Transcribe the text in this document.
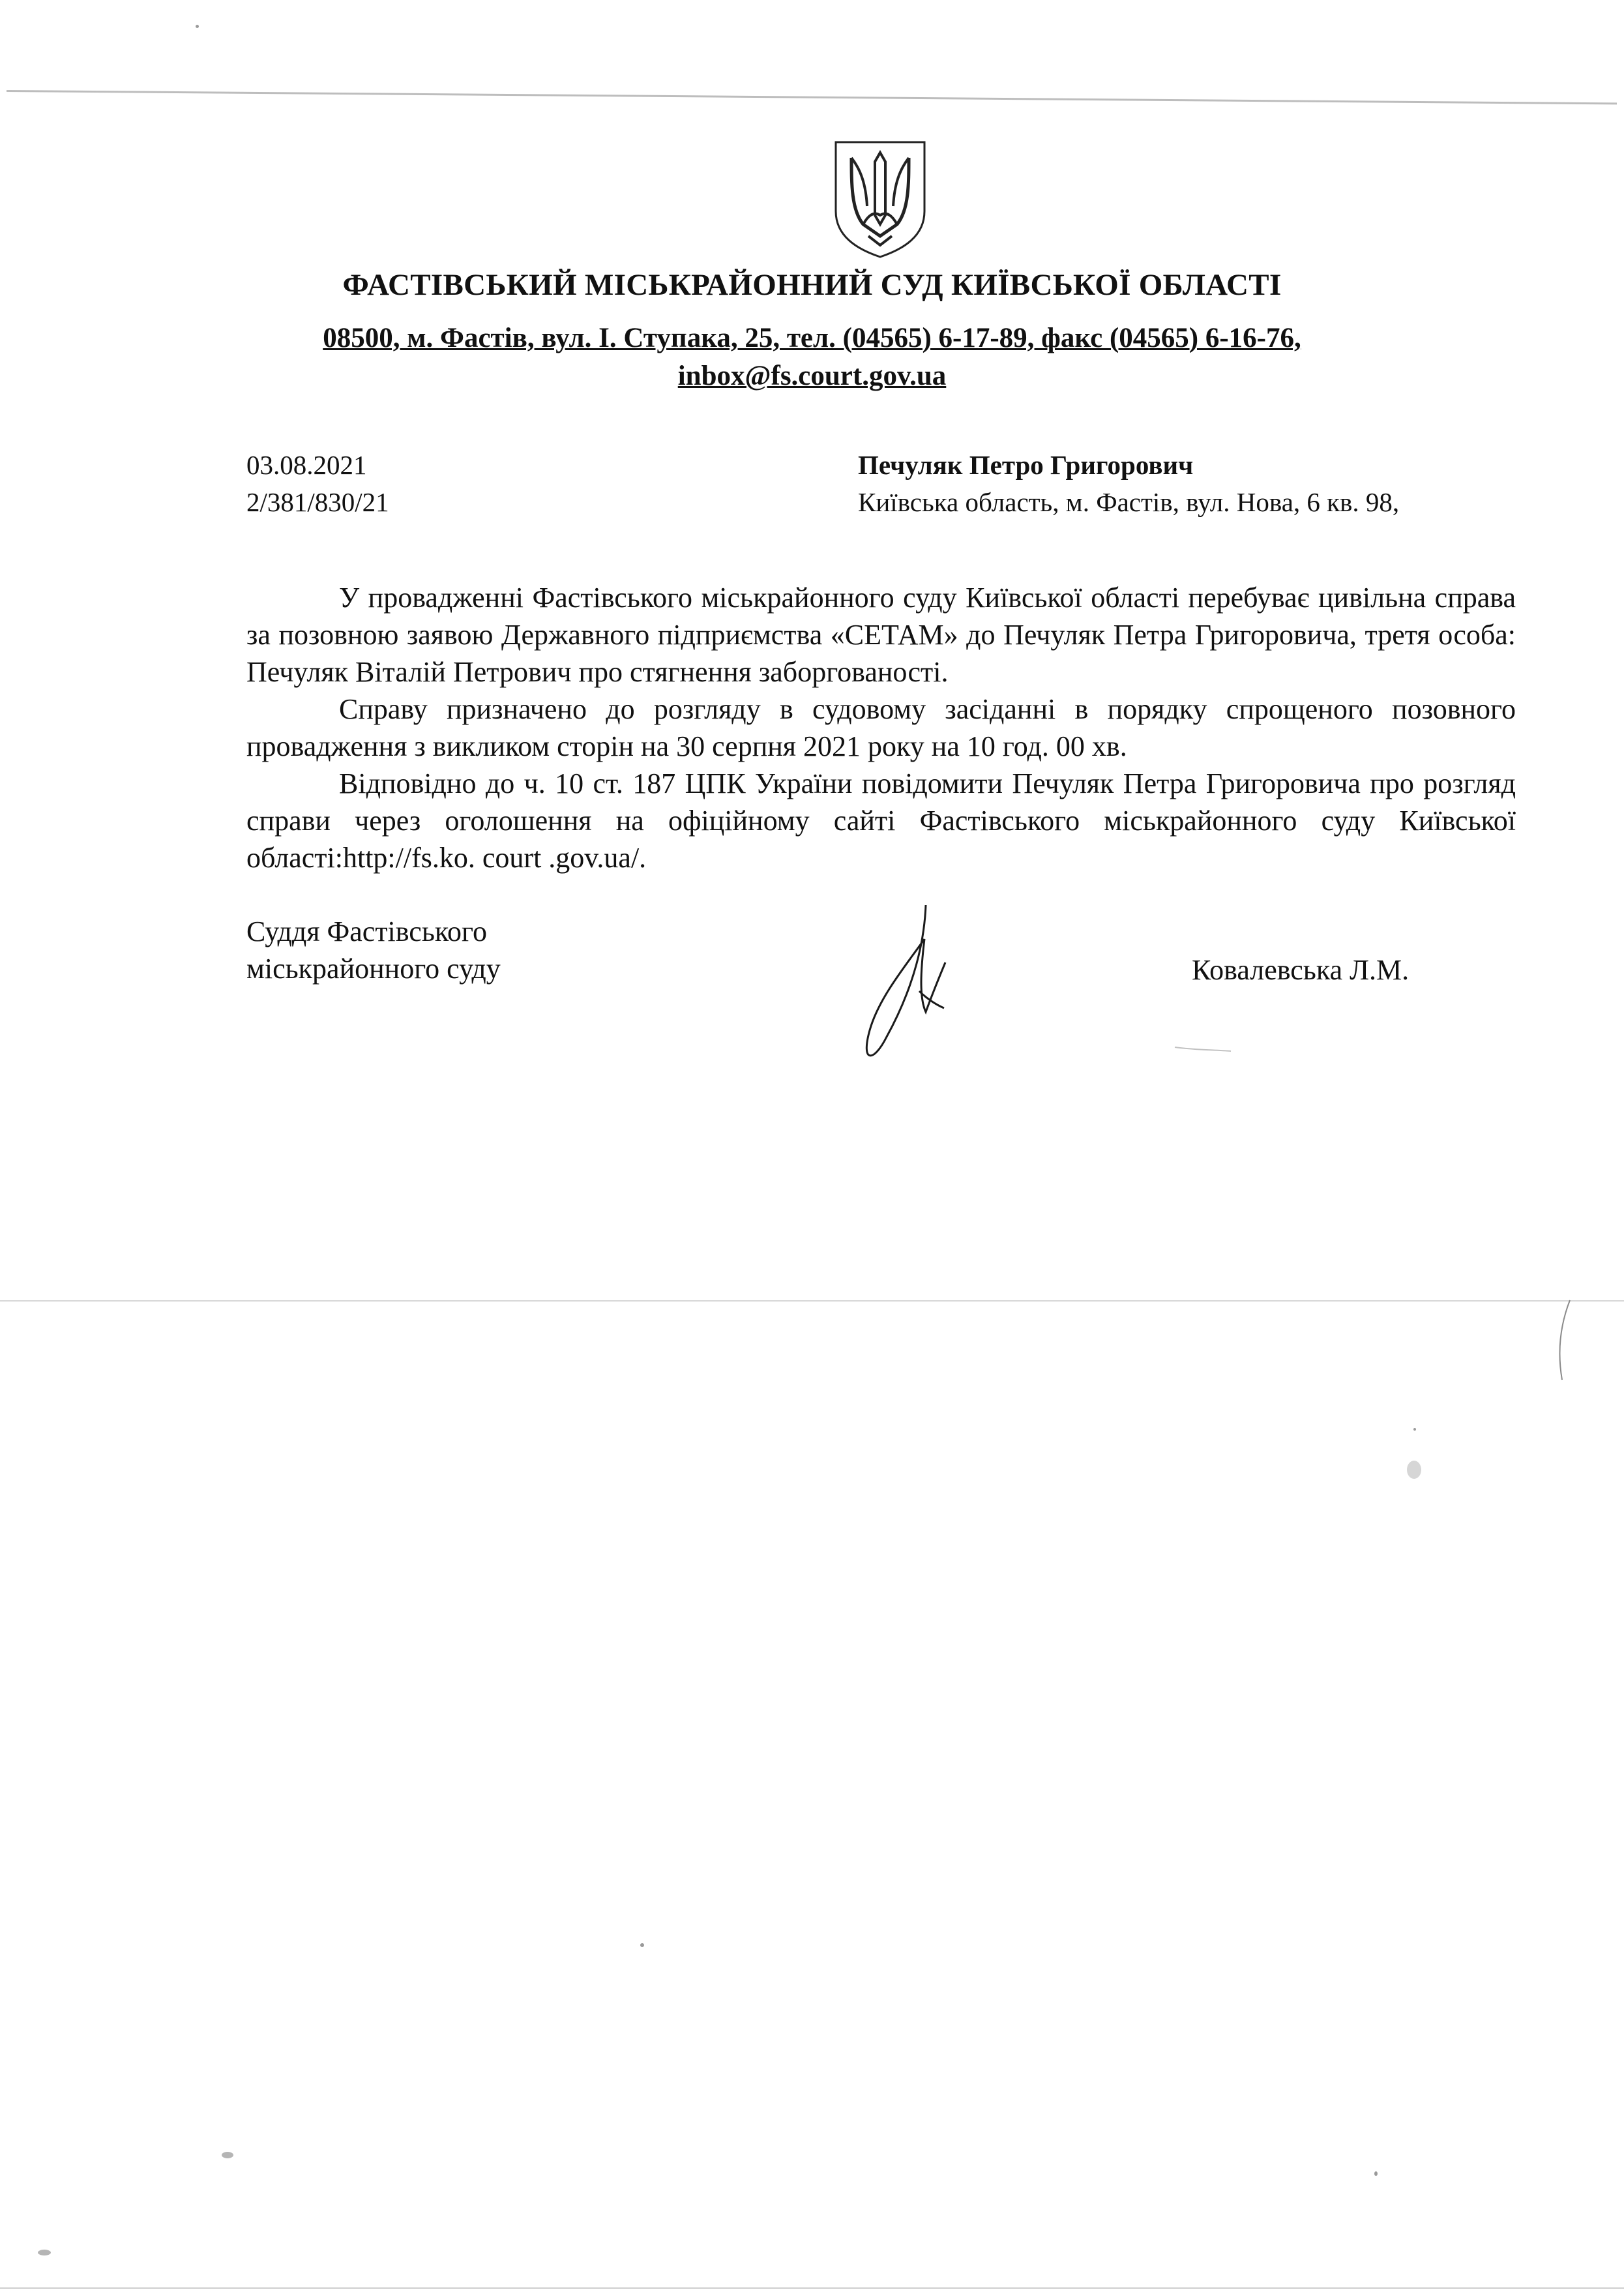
ФАСТІВСЬКИЙ МІСЬКРАЙОННИЙ СУД КИЇВСЬКОЇ ОБЛАСТІ
08500, м. Фастів, вул. І. Ступака, 25, тел. (04565) 6-17-89, факс (04565) 6-16-76,
inbox@fs.court.gov.ua
03.08.2021
2/381/830/21
Печуляк Петро Григорович
Київська область, м. Фастів, вул. Нова, 6 кв. 98,

У провадженні Фастівського міськрайонного суду Київської області перебуває цивільна справа за позовною заявою Державного підприємства «СЕТАМ» до Печуляк Петра Григоровича, третя особа: Печуляк Віталій Петрович про стягнення заборгованості.

Справу призначено до розгляду в судовому засіданні в порядку спрощеного позовного провадження з викликом сторін на 30 серпня 2021 року на 10 год. 00 хв.

Відповідно до ч. 10 ст. 187 ЦПК України повідомити Печуляк Петра Григоровича про розгляд справи через оголошення на офіційному сайті Фастівського міськрайонного суду Київської області:http://fs.ko. court .gov.ua/.

Суддя Фастівського
міськрайонного суду	Ковалевська Л.М.
